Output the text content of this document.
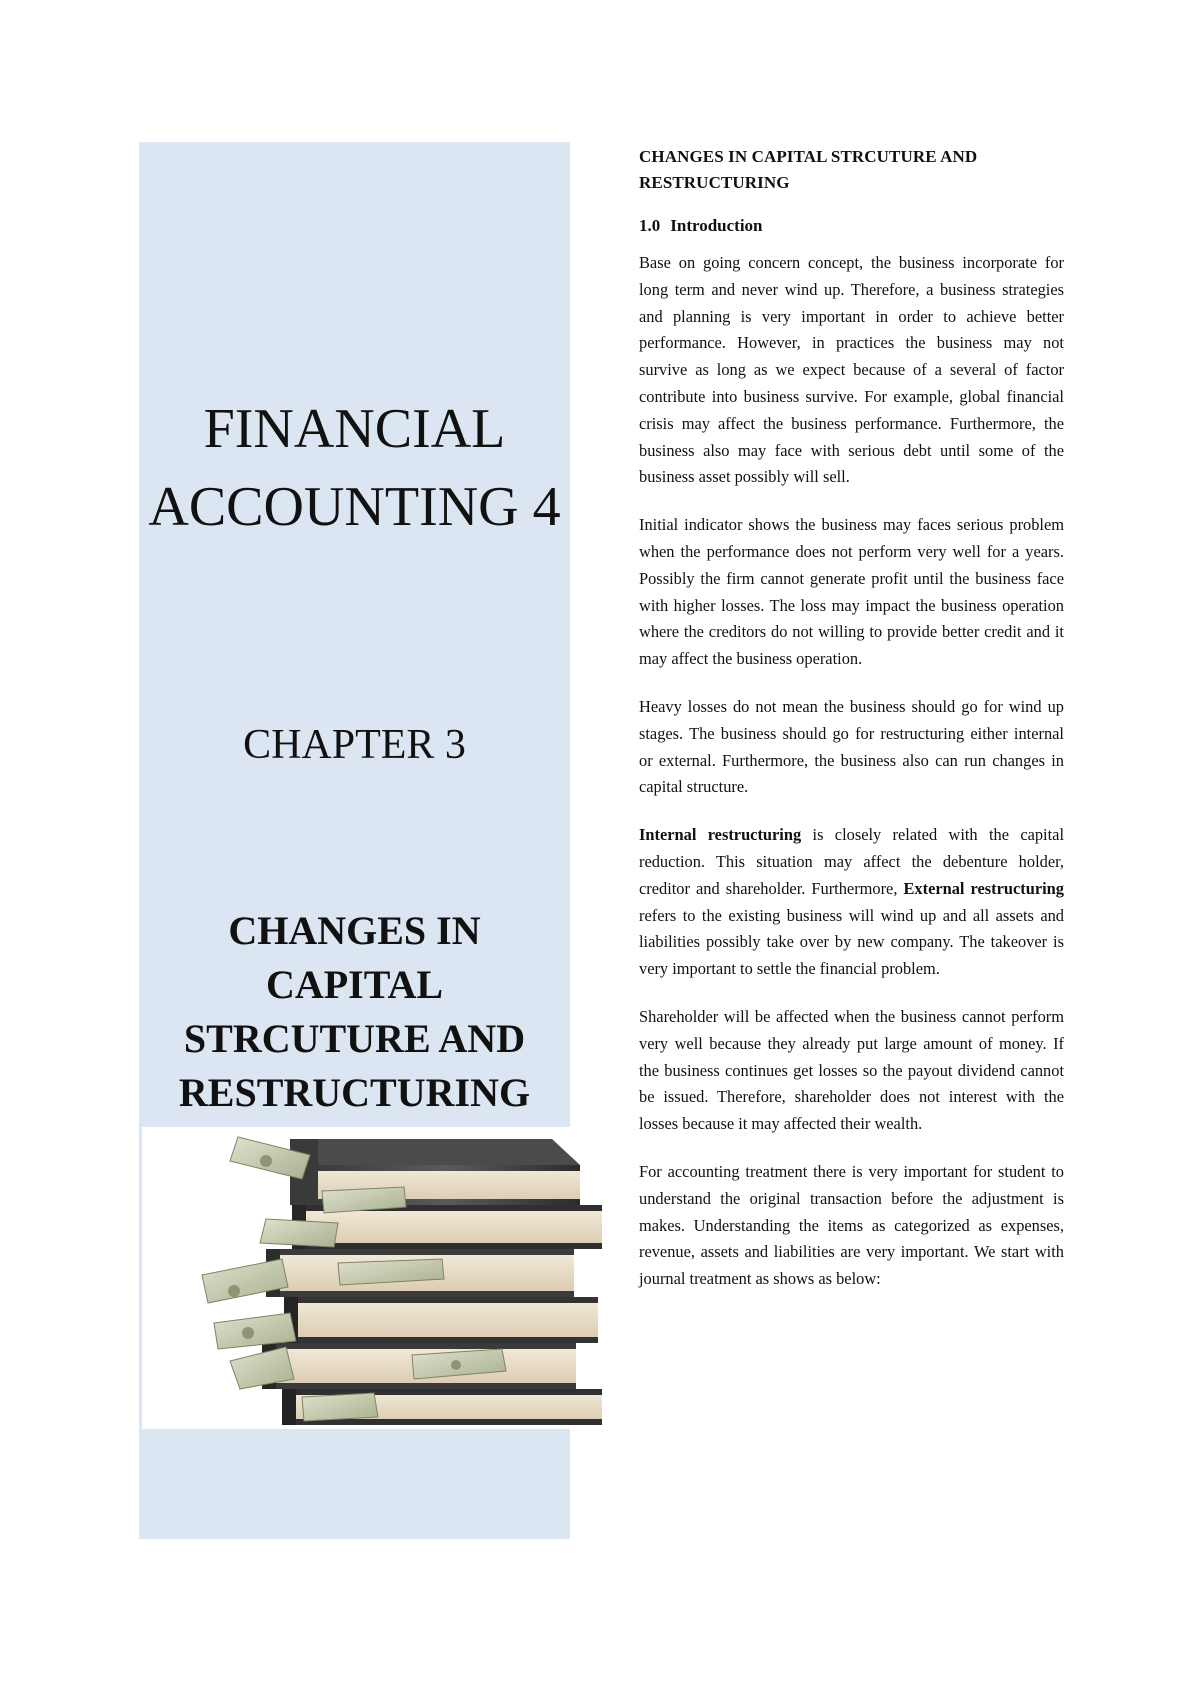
FINANCIAL
ACCOUNTING 4
CHAPTER 3
CHANGES IN
CAPITAL
STRCUTURE AND
RESTRUCTURING
CHANGES IN CAPITAL STRCUTURE AND RESTRUCTURING
1.0 Introduction

Base on going concern concept, the business incorporate for long term and never wind up. Therefore, a business strategies and planning is very important in order to achieve better performance. However, in practices the business may not survive as long as we expect because of a several of factor contribute into business survive. For example, global financial crisis may affect the business performance. Furthermore, the business also may face with serious debt until some of the business asset possibly will sell.

Initial indicator shows the business may faces serious problem when the performance does not perform very well for a years. Possibly the firm cannot generate profit until the business face with higher losses. The loss may impact the business operation where the creditors do not willing to provide better credit and it may affect the business operation.

Heavy losses do not mean the business should go for wind up stages. The business should go for restructuring either internal or external. Furthermore, the business also can run changes in capital structure.

Internal restructuring is closely related with the capital reduction. This situation may affect the debenture holder, creditor and shareholder. Furthermore, External restructuring refers to the existing business will wind up and all assets and liabilities possibly take over by new company. The takeover is very important to settle the financial problem.

Shareholder will be affected when the business cannot perform very well because they already put large amount of money. If the business continues get losses so the payout dividend cannot be issued. Therefore, shareholder does not interest with the losses because it may affected their wealth.

For accounting treatment there is very important for student to understand the original transaction before the adjustment is makes. Understanding the items as categorized as expenses, revenue, assets and liabilities are very important. We start with journal treatment as shows as below:
